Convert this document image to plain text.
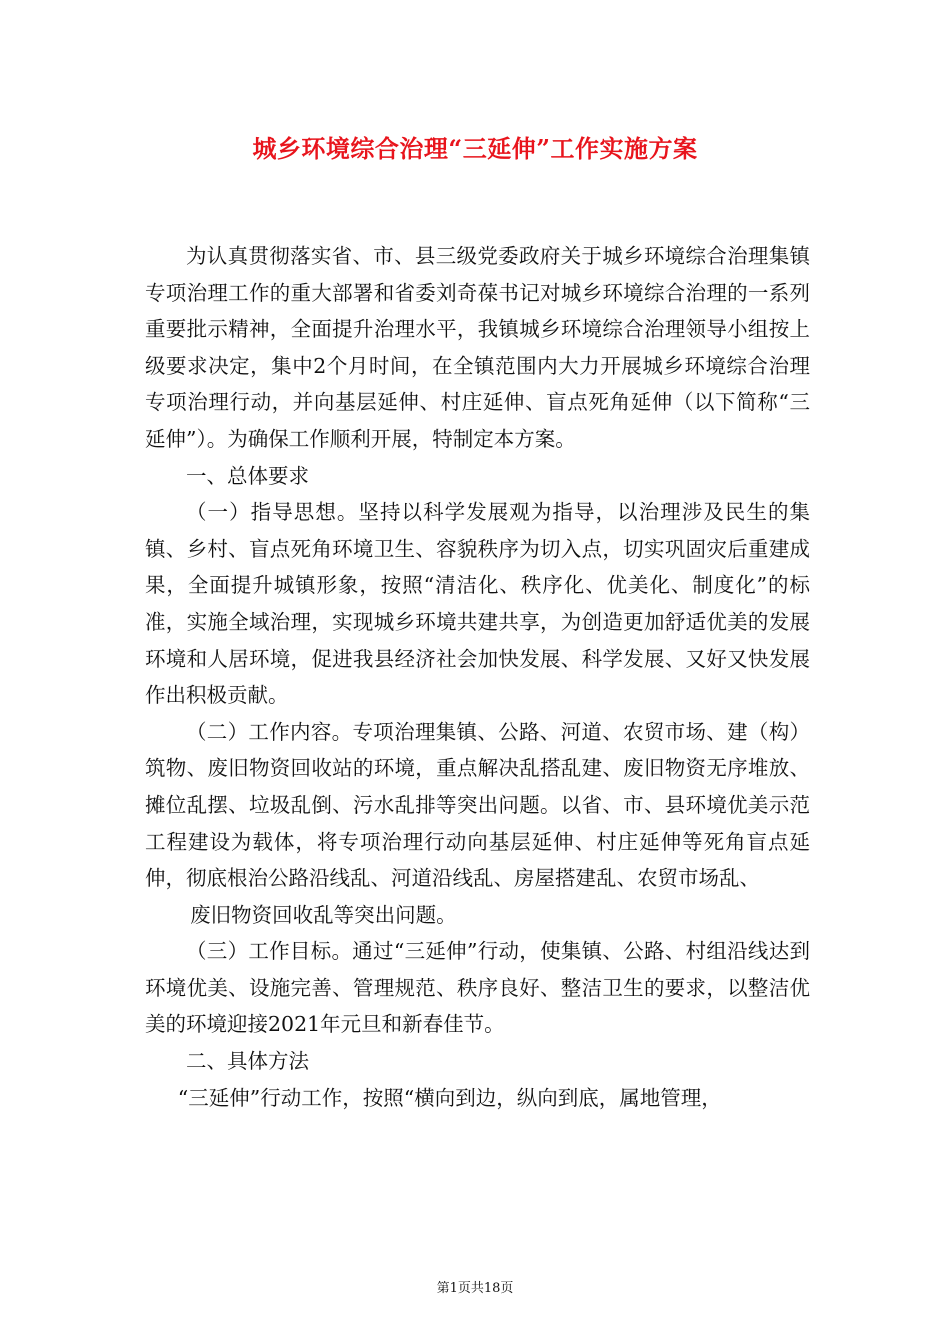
城乡环境综合治理“三延伸”工作实施方案

为认真贯彻落实省、市、县三级党委政府关于城乡环境综合治理集镇专项治理工作的重大部署和省委刘奇葆书记对城乡环境综合治理的一系列重要批示精神，全面提升治理水平，我镇城乡环境综合治理领导小组按上级要求决定，集中2个月时间，在全镇范围内大力开展城乡环境综合治理专项治理行动，并向基层延伸、村庄延伸、盲点死角延伸（以下简称“三延伸”）。为确保工作顺利开展，特制定本方案。

一、总体要求

（一）指导思想。坚持以科学发展观为指导，以治理涉及民生的集镇、乡村、盲点死角环境卫生、容貌秩序为切入点，切实巩固灾后重建成果，全面提升城镇形象，按照“清洁化、秩序化、优美化、制度化”的标准，实施全域治理，实现城乡环境共建共享，为创造更加舒适优美的发展环境和人居环境，促进我县经济社会加快发展、科学发展、又好又快发展作出积极贡献。

（二）工作内容。专项治理集镇、公路、河道、农贸市场、建（构）筑物、废旧物资回收站的环境，重点解决乱搭乱建、废旧物资无序堆放、摊位乱摆、垃圾乱倒、污水乱排等突出问题。以省、市、县环境优美示范工程建设为载体，将专项治理行动向基层延伸、村庄延伸等死角盲点延伸，彻底根治公路沿线乱、河道沿线乱、房屋搭建乱、农贸市场乱、

废旧物资回收乱等突出问题。

（三）工作目标。通过“三延伸”行动，使集镇、公路、村组沿线达到环境优美、设施完善、管理规范、秩序良好、整洁卫生的要求，以整洁优美的环境迎接2021年元旦和新春佳节。

二、具体方法

“三延伸”行动工作，按照“横向到边，纵向到底，属地管理，

第1页共18页
